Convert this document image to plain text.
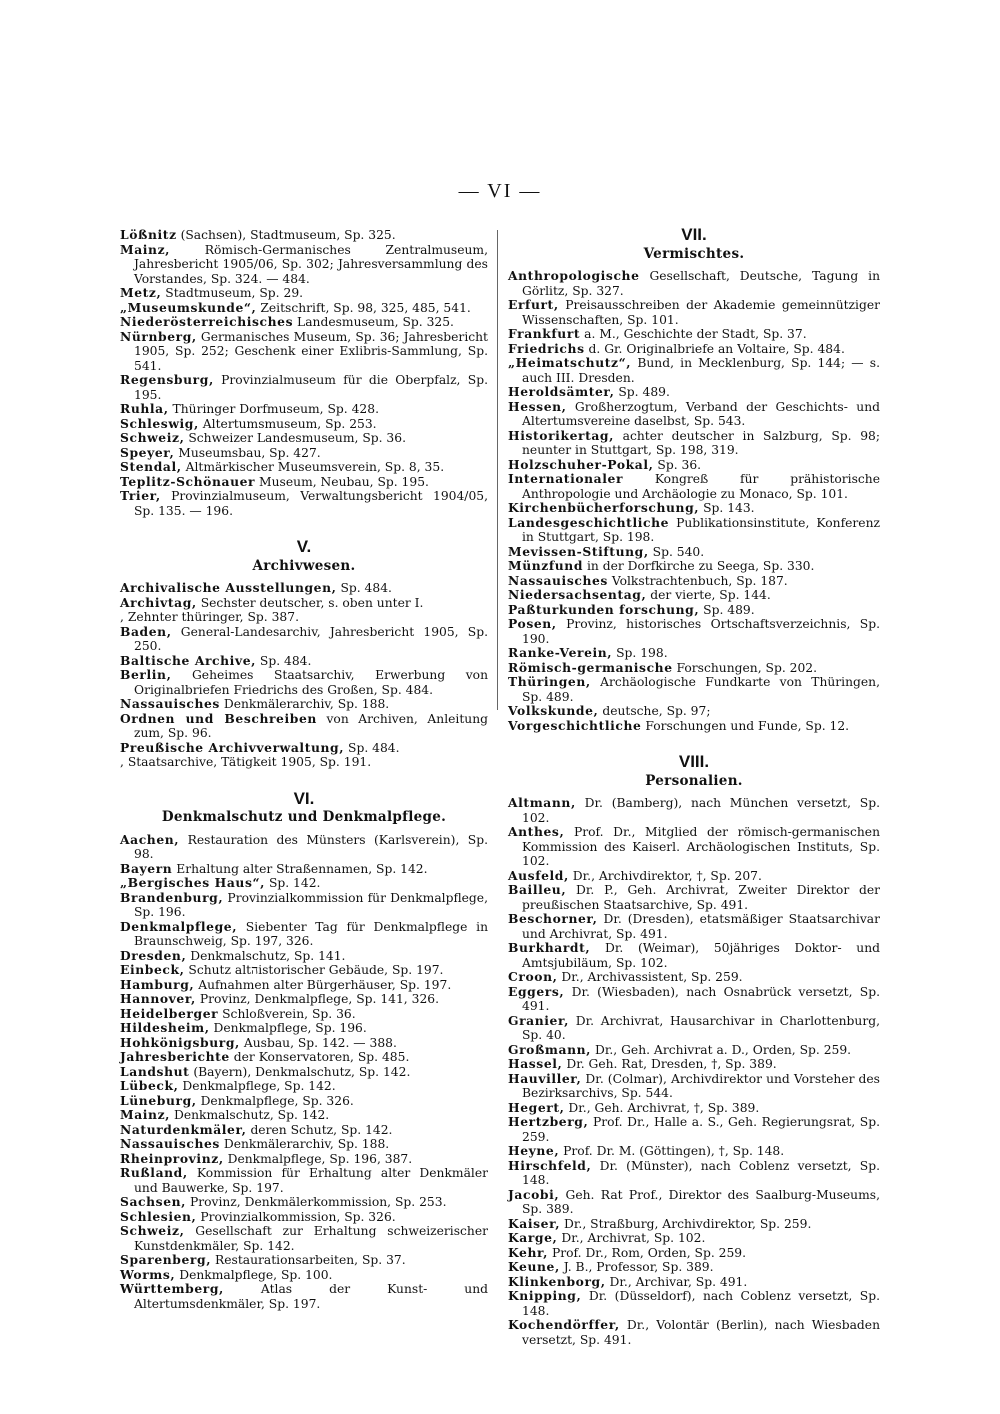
— VI —

Lößnitz (Sachsen), Stadtmuseum, Sp. 325.

Mainz, Römisch-Germanisches Zentralmuseum, Jahresbericht 1905/06, Sp. 302; Jahresversammlung des Vorstandes, Sp. 324. — 484.

Metz, Stadtmuseum, Sp. 29.

„Museumskunde“, Zeitschrift, Sp. 98, 325, 485, 541.

Niederösterreichisches Landesmuseum, Sp. 325.

Nürnberg, Germanisches Museum, Sp. 36; Jahresbericht 1905, Sp. 252; Geschenk einer Exlibris-Sammlung, Sp. 541.

Regensburg, Provinzialmuseum für die Oberpfalz, Sp. 195.

Ruhla, Thüringer Dorfmuseum, Sp. 428.

Schleswig, Altertumsmuseum, Sp. 253.

Schweiz, Schweizer Landesmuseum, Sp. 36.

Speyer, Museumsbau, Sp. 427.

Stendal, Altmärkischer Museumsverein, Sp. 8, 35.

Teplitz-Schönauer Museum, Neubau, Sp. 195.

Trier, Provinzialmuseum, Verwaltungsbericht 1904/05, Sp. 135. — 196.

V.
Archivwesen.

Archivalische Ausstellungen, Sp. 484.

Archivtag, Sechster deutscher, s. oben unter I.

, Zehnter thüringer, Sp. 387.

Baden, General-Landesarchiv, Jahresbericht 1905, Sp. 250.

Baltische Archive, Sp. 484.

Berlin, Geheimes Staatsarchiv, Erwerbung von Originalbriefen Friedrichs des Großen, Sp. 484.

Nassauisches Denkmälerarchiv, Sp. 188.

Ordnen und Beschreiben von Archiven, Anleitung zum, Sp. 96.

Preußische Archivverwaltung, Sp. 484.

, Staatsarchive, Tätigkeit 1905, Sp. 191.

VI.
Denkmalschutz und Denkmalpflege.

Aachen, Restauration des Münsters (Karlsverein), Sp. 98.

Bayern Erhaltung alter Straßennamen, Sp. 142.

„Bergisches Haus“, Sp. 142.

Brandenburg, Provinzialkommission für Denkmalpflege, Sp. 196.

Denkmalpflege, Siebenter Tag für Denkmalpflege in Braunschweig, Sp. 197, 326.

Dresden, Denkmalschutz, Sp. 141.

Einbeck, Schutz altהistorischer Gebäude, Sp. 197.

Hamburg, Aufnahmen alter Bürgerhäuser, Sp. 197.

Hannover, Provinz, Denkmalpflege, Sp. 141, 326.

Heidelberger Schloßverein, Sp. 36.

Hildesheim, Denkmalpflege, Sp. 196.

Hohkönigsburg, Ausbau, Sp. 142. — 388.

Jahresberichte der Konservatoren, Sp. 485.

Landshut (Bayern), Denkmalschutz, Sp. 142.

Lübeck, Denkmalpflege, Sp. 142.

Lüneburg, Denkmalpflege, Sp. 326.

Mainz, Denkmalschutz, Sp. 142.

Naturdenkmäler, deren Schutz, Sp. 142.

Nassauisches Denkmälerarchiv, Sp. 188.

Rheinprovinz, Denkmalpflege, Sp. 196, 387.

Rußland, Kommission für Erhaltung alter Denkmäler und Bauwerke, Sp. 197.

Sachsen, Provinz, Denkmälerkommission, Sp. 253.

Schlesien, Provinzialkommission, Sp. 326.

Schweiz, Gesellschaft zur Erhaltung schweizerischer Kunstdenkmäler, Sp. 142.

Sparenberg, Restaurationsarbeiten, Sp. 37.

Worms, Denkmalpflege, Sp. 100.

Württemberg, Atlas der Kunst- und Altertumsdenkmäler, Sp. 197.

VII.
Vermischtes.

Anthropologische Gesellschaft, Deutsche, Tagung in Görlitz, Sp. 327.

Erfurt, Preisausschreiben der Akademie gemeinnütziger Wissenschaften, Sp. 101.

Frankfurt a. M., Geschichte der Stadt, Sp. 37.

Friedrichs d. Gr. Originalbriefe an Voltaire, Sp. 484.

„Heimatschutz“, Bund, in Mecklenburg, Sp. 144; — s. auch III. Dresden.

Heroldsämter, Sp. 489.

Hessen, Großherzogtum, Verband der Geschichts- und Altertumsvereine daselbst, Sp. 543.

Historikertag, achter deutscher in Salzburg, Sp. 98; neunter in Stuttgart, Sp. 198, 319.

Holzschuher-Pokal, Sp. 36.

Internationaler Kongreß für prähistorische Anthropologie und Archäologie zu Monaco, Sp. 101.

Kirchenbücherforschung, Sp. 143.

Landesgeschichtliche Publikationsinstitute, Konferenz in Stuttgart, Sp. 198.

Mevissen-Stiftung, Sp. 540.

Münzfund in der Dorfkirche zu Seega, Sp. 330.

Nassauisches Volkstrachtenbuch, Sp. 187.

Niedersachsentag, der vierte, Sp. 144.

Paßturkunden forschung, Sp. 489.

Posen, Provinz, historisches Ortschaftsverzeichnis, Sp. 190.

Ranke-Verein, Sp. 198.

Römisch-germanische Forschungen, Sp. 202.

Thüringen, Archäologische Fundkarte von Thüringen, Sp. 489.

Volkskunde, deutsche, Sp. 97;

Vorgeschichtliche Forschungen und Funde, Sp. 12.

VIII.
Personalien.

Altmann, Dr. (Bamberg), nach München versetzt, Sp. 102.

Anthes, Prof. Dr., Mitglied der römisch-germanischen Kommission des Kaiserl. Archäologischen Instituts, Sp. 102.

Ausfeld, Dr., Archivdirektor, †, Sp. 207.

Bailleu, Dr. P., Geh. Archivrat, Zweiter Direktor der preußischen Staatsarchive, Sp. 491.

Beschorner, Dr. (Dresden), etatsmäßiger Staatsarchivar und Archivrat, Sp. 491.

Burkhardt, Dr. (Weimar), 50jähriges Doktor- und Amtsjubiläum, Sp. 102.

Croon, Dr., Archivassistent, Sp. 259.

Eggers, Dr. (Wiesbaden), nach Osnabrück versetzt, Sp. 491.

Granier, Dr. Archivrat, Hausarchivar in Charlottenburg, Sp. 40.

Großmann, Dr., Geh. Archivrat a. D., Orden, Sp. 259.

Hassel, Dr. Geh. Rat, Dresden, †, Sp. 389.

Hauviller, Dr. (Colmar), Archivdirektor und Vorsteher des Bezirksarchivs, Sp. 544.

Hegert, Dr., Geh. Archivrat, †, Sp. 389.

Hertzberg, Prof. Dr., Halle a. S., Geh. Regierungsrat, Sp. 259.

Heyne, Prof. Dr. M. (Göttingen), †, Sp. 148.

Hirschfeld, Dr. (Münster), nach Coblenz versetzt, Sp. 148.

Jacobi, Geh. Rat Prof., Direktor des Saalburg-Museums, Sp. 389.

Kaiser, Dr., Straßburg, Archivdirektor, Sp. 259.

Karge, Dr., Archivrat, Sp. 102.

Kehr, Prof. Dr., Rom, Orden, Sp. 259.

Keune, J. B., Professor, Sp. 389.

Klinkenborg, Dr., Archivar, Sp. 491.

Knipping, Dr. (Düsseldorf), nach Coblenz versetzt, Sp. 148.

Kochendörffer, Dr., Volontär (Berlin), nach Wiesbaden versetzt, Sp. 491.
